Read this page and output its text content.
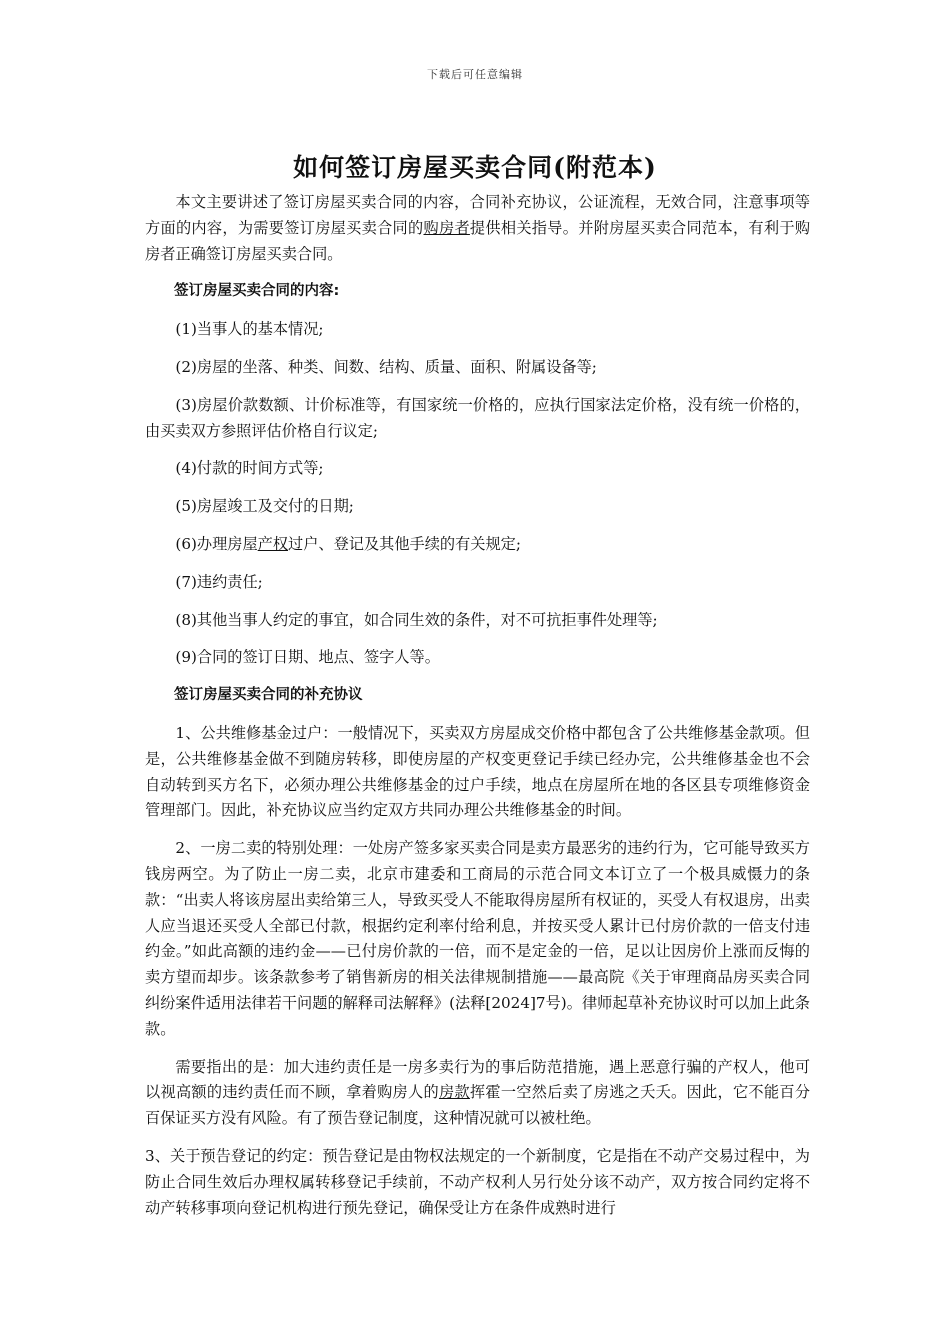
下载后可任意编辑
如何签订房屋买卖合同(附范本)

本文主要讲述了签订房屋买卖合同的内容，合同补充协议，公证流程，无效合同，注意事项等方面的内容，为需要签订房屋买卖合同的购房者提供相关指导。并附房屋买卖合同范本，有利于购房者正确签订房屋买卖合同。

签订房屋买卖合同的内容:

(1)当事人的基本情况;

(2)房屋的坐落、种类、间数、结构、质量、面积、附属设备等;

(3)房屋价款数额、计价标准等，有国家统一价格的，应执行国家法定价格，没有统一价格的，由买卖双方参照评估价格自行议定;

(4)付款的时间方式等;

(5)房屋竣工及交付的日期;

(6)办理房屋产权过户、登记及其他手续的有关规定;

(7)违约责任;

(8)其他当事人约定的事宜，如合同生效的条件，对不可抗拒事件处理等;

(9)合同的签订日期、地点、签字人等。

签订房屋买卖合同的补充协议

1、公共维修基金过户：一般情况下，买卖双方房屋成交价格中都包含了公共维修基金款项。但是，公共维修基金做不到随房转移，即使房屋的产权变更登记手续已经办完，公共维修基金也不会自动转到买方名下，必须办理公共维修基金的过户手续，地点在房屋所在地的各区县专项维修资金管理部门。因此，补充协议应当约定双方共同办理公共维修基金的时间。

2、一房二卖的特别处理：一处房产签多家买卖合同是卖方最恶劣的违约行为，它可能导致买方钱房两空。为了防止一房二卖，北京市建委和工商局的示范合同文本订立了一个极具威慑力的条款：“出卖人将该房屋出卖给第三人，导致买受人不能取得房屋所有权证的，买受人有权退房，出卖人应当退还买受人全部已付款，根据约定利率付给利息，并按买受人累计已付房价款的一倍支付违约金。”如此高额的违约金——已付房价款的一倍，而不是定金的一倍，足以让因房价上涨而反悔的卖方望而却步。该条款参考了销售新房的相关法律规制措施——最高院《关于审理商品房买卖合同纠纷案件适用法律若干问题的解释司法解释》(法释[2024]7号)。律师起草补充协议时可以加上此条款。

需要指出的是：加大违约责任是一房多卖行为的事后防范措施，遇上恶意行骗的产权人，他可以视高额的违约责任而不顾，拿着购房人的房款挥霍一空然后卖了房逃之夭夭。因此，它不能百分百保证买方没有风险。有了预告登记制度，这种情况就可以被杜绝。

3、关于预告登记的约定：预告登记是由物权法规定的一个新制度，它是指在不动产交易过程中，为防止合同生效后办理权属转移登记手续前，不动产权利人另行处分该不动产，双方按合同约定将不动产转移事项向登记机构进行预先登记，确保受让方在条件成熟时进行
